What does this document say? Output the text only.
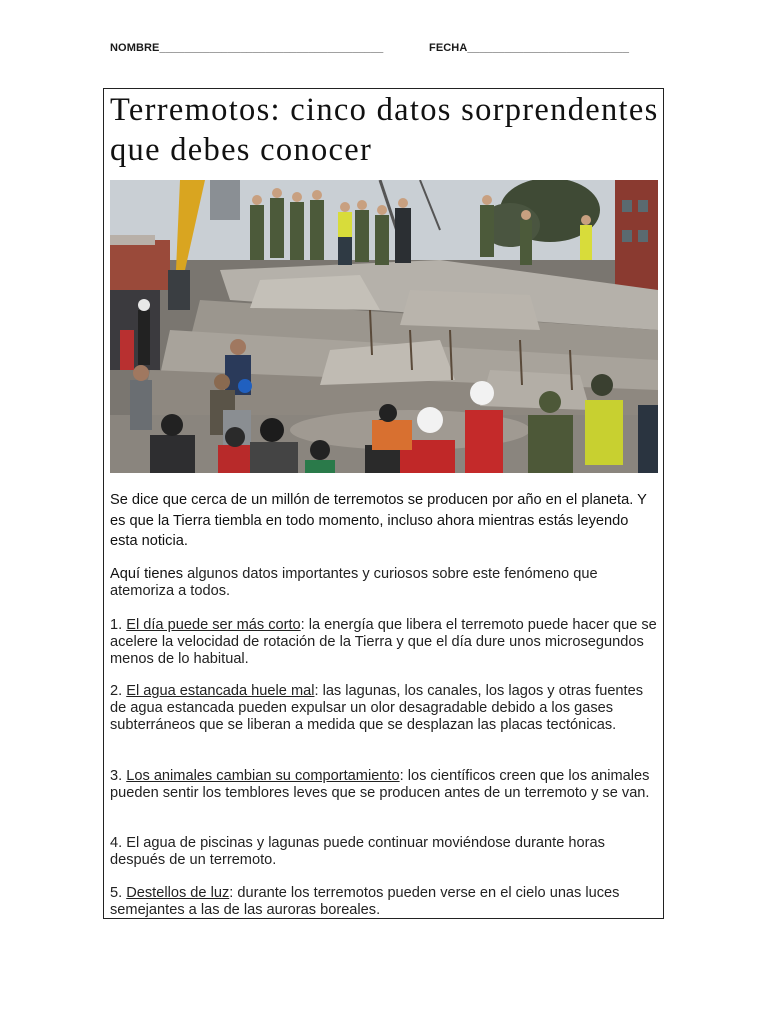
NOMBRE____________________________________	FECHA__________________________
Terremotos: cinco datos sorprendentes que debes conocer
Se dice que cerca de un millón de terremotos se producen por año en el planeta. Y es que la Tierra tiembla en todo momento, incluso ahora mientras estás leyendo esta noticia.
Aquí tienes algunos datos importantes y curiosos sobre este fenómeno que atemoriza a todos.
1. El día puede ser más corto: la energía que libera el terremoto puede hacer que se acelere la velocidad de rotación de la Tierra y que el día dure unos microsegundos menos de lo habitual.
2. El agua estancada huele mal: las lagunas, los canales, los lagos y otras fuentes de agua estancada pueden expulsar un olor desagradable debido a los gases subterráneos que se liberan a medida que se desplazan las placas tectónicas.
3. Los animales cambian su comportamiento: los científicos creen que los animales pueden sentir los temblores leves que se producen antes de un terremoto y se van.
4. El agua de piscinas y lagunas puede continuar moviéndose durante horas después de un terremoto.
5. Destellos de luz: durante los terremotos pueden verse en el cielo unas luces semejantes a las de las auroras boreales.
